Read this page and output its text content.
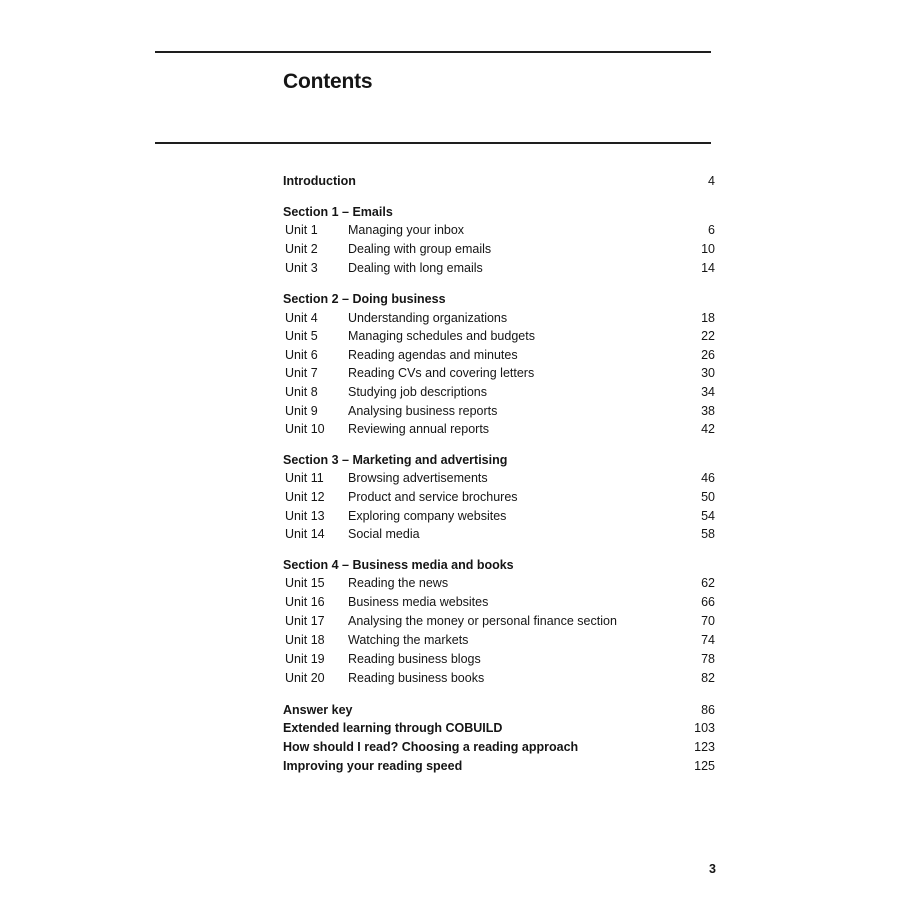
Contents
Introduction	4
Section 1 – Emails
Unit 1 Managing your inbox	6
Unit 2 Dealing with group emails	10
Unit 3 Dealing with long emails	14
Section 2 – Doing business
Unit 4 Understanding organizations	18
Unit 5 Managing schedules and budgets	22
Unit 6 Reading agendas and minutes	26
Unit 7 Reading CVs and covering letters	30
Unit 8 Studying job descriptions	34
Unit 9 Analysing business reports	38
Unit 10 Reviewing annual reports	42
Section 3 – Marketing and advertising
Unit 11 Browsing advertisements	46
Unit 12 Product and service brochures	50
Unit 13 Exploring company websites	54
Unit 14 Social media	58
Section 4 – Business media and books
Unit 15 Reading the news	62
Unit 16 Business media websites	66
Unit 17 Analysing the money or personal finance section	70
Unit 18 Watching the markets	74
Unit 19 Reading business blogs	78
Unit 20 Reading business books	82
Answer key	86
Extended learning through COBUILD	103
How should I read? Choosing a reading approach	123
Improving your reading speed	125
3
